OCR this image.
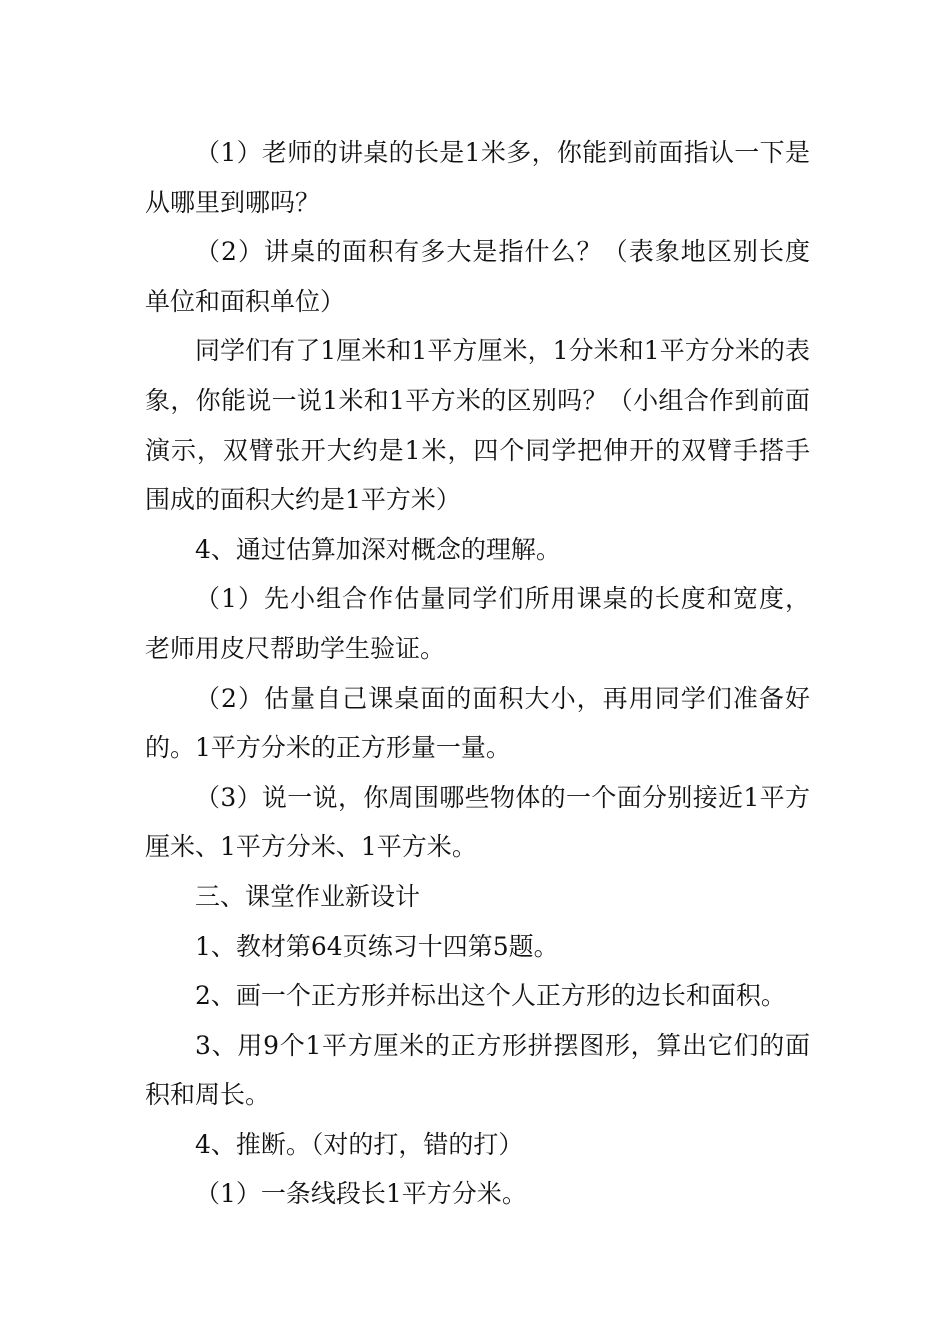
（1）老师的讲桌的长是1米多，你能到前面指认一下是从哪里到哪吗？

（2）讲桌的面积有多大是指什么？（表象地区别长度单位和面积单位）

同学们有了1厘米和1平方厘米，1分米和1平方分米的表象，你能说一说1米和1平方米的区别吗？（小组合作到前面演示，双臂张开大约是1米，四个同学把伸开的双臂手搭手围成的面积大约是1平方米）

4、通过估算加深对概念的理解。

（1）先小组合作估量同学们所用课桌的长度和宽度，老师用皮尺帮助学生验证。

（2）估量自己课桌面的面积大小，再用同学们准备好的。1平方分米的正方形量一量。

（3）说一说，你周围哪些物体的一个面分别接近1平方厘米、1平方分米、1平方米。

三、课堂作业新设计

1、教材第64页练习十四第5题。

2、画一个正方形并标出这个人正方形的边长和面积。

3、用9个1平方厘米的正方形拼摆图形，算出它们的面积和周长。

4、推断。（对的打，错的打）

（1）一条线段长1平方分米。
